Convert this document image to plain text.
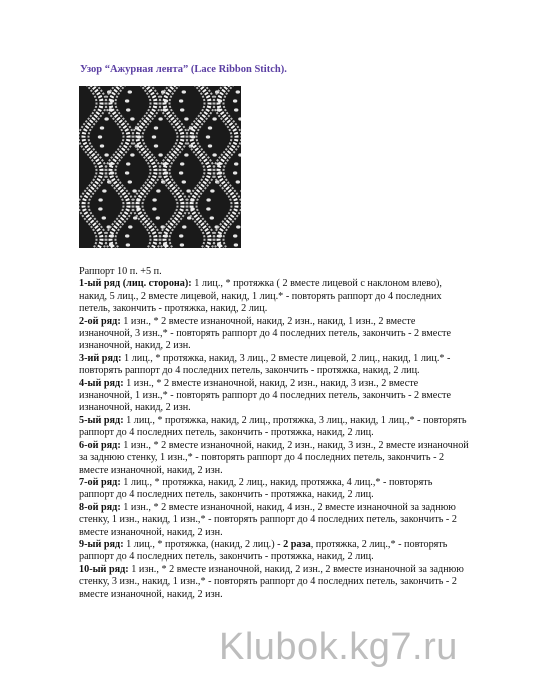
Узор “Ажурная лента” (Lace Ribbon Stitch).

Раппорт 10 п. +5 п.

1-ый ряд (лиц. сторона): 1 лиц., * протяжка ( 2 вместе лицевой с наклоном влево), накид, 5 лиц., 2 вместе лицевой, накид, 1 лиц.* - повторять раппорт до 4 последних петель, закончить - протяжка, накид, 2 лиц.

2-ой ряд: 1 изн., * 2 вместе изнаночной, накид, 2 изн., накид, 1 изн., 2 вместе изнаночной, 3 изн.,* - повторять раппорт до 4 последних петель, закончить - 2 вместе изнаночной, накид, 2 изн.

3-ий ряд: 1 лиц., * протяжка, накид, 3 лиц., 2 вместе лицевой, 2 лиц., накид, 1 лиц.* - повторять раппорт до 4 последних петель, закончить - протяжка, накид, 2 лиц.

4-ый ряд: 1 изн., * 2 вместе изнаночной, накид, 2 изн., накид, 3 изн., 2 вместе изнаночной, 1 изн.,* - повторять раппорт до 4 последних петель, закончить - 2 вместе изнаночной, накид, 2 изн.

5-ый ряд: 1 лиц., * протяжка, накид, 2 лиц., протяжка, 3 лиц., накид, 1 лиц.,* - повторять раппорт до 4 последних петель, закончить - протяжка, накид, 2 лиц.

6-ой ряд: 1 изн., * 2 вместе изнаночной, накид, 2 изн., накид, 3 изн., 2 вместе изнаночной за заднюю стенку, 1 изн.,* - повторять раппорт до 4 последних петель, закончить - 2 вместе изнаночной, накид, 2 изн.

7-ой ряд: 1 лиц., * протяжка, накид, 2 лиц., накид, протяжка, 4 лиц.,* - повторять раппорт до 4 последних петель, закончить - протяжка, накид, 2 лиц.

8-ой ряд: 1 изн., * 2 вместе изнаночной, накид, 4 изн., 2 вместе изнаночной за заднюю стенку, 1 изн., накид, 1 изн.,* - повторять раппорт до 4 последних петель, закончить - 2 вместе изнаночной, накид, 2 изн.

9-ый ряд: 1 лиц., * протяжка, (накид, 2 лиц.) - 2 раза, протяжка, 2 лиц.,* - повторять раппорт до 4 последних петель, закончить - протяжка, накид, 2 лиц.

10-ый ряд: 1 изн., * 2 вместе изнаночной, накид, 2 изн., 2 вместе изнаночной за заднюю стенку, 3 изн., накид, 1 изн.,* - повторять раппорт до 4 последних петель, закончить - 2 вместе изнаночной, накид, 2 изн.

Klubok.kg7.ru
